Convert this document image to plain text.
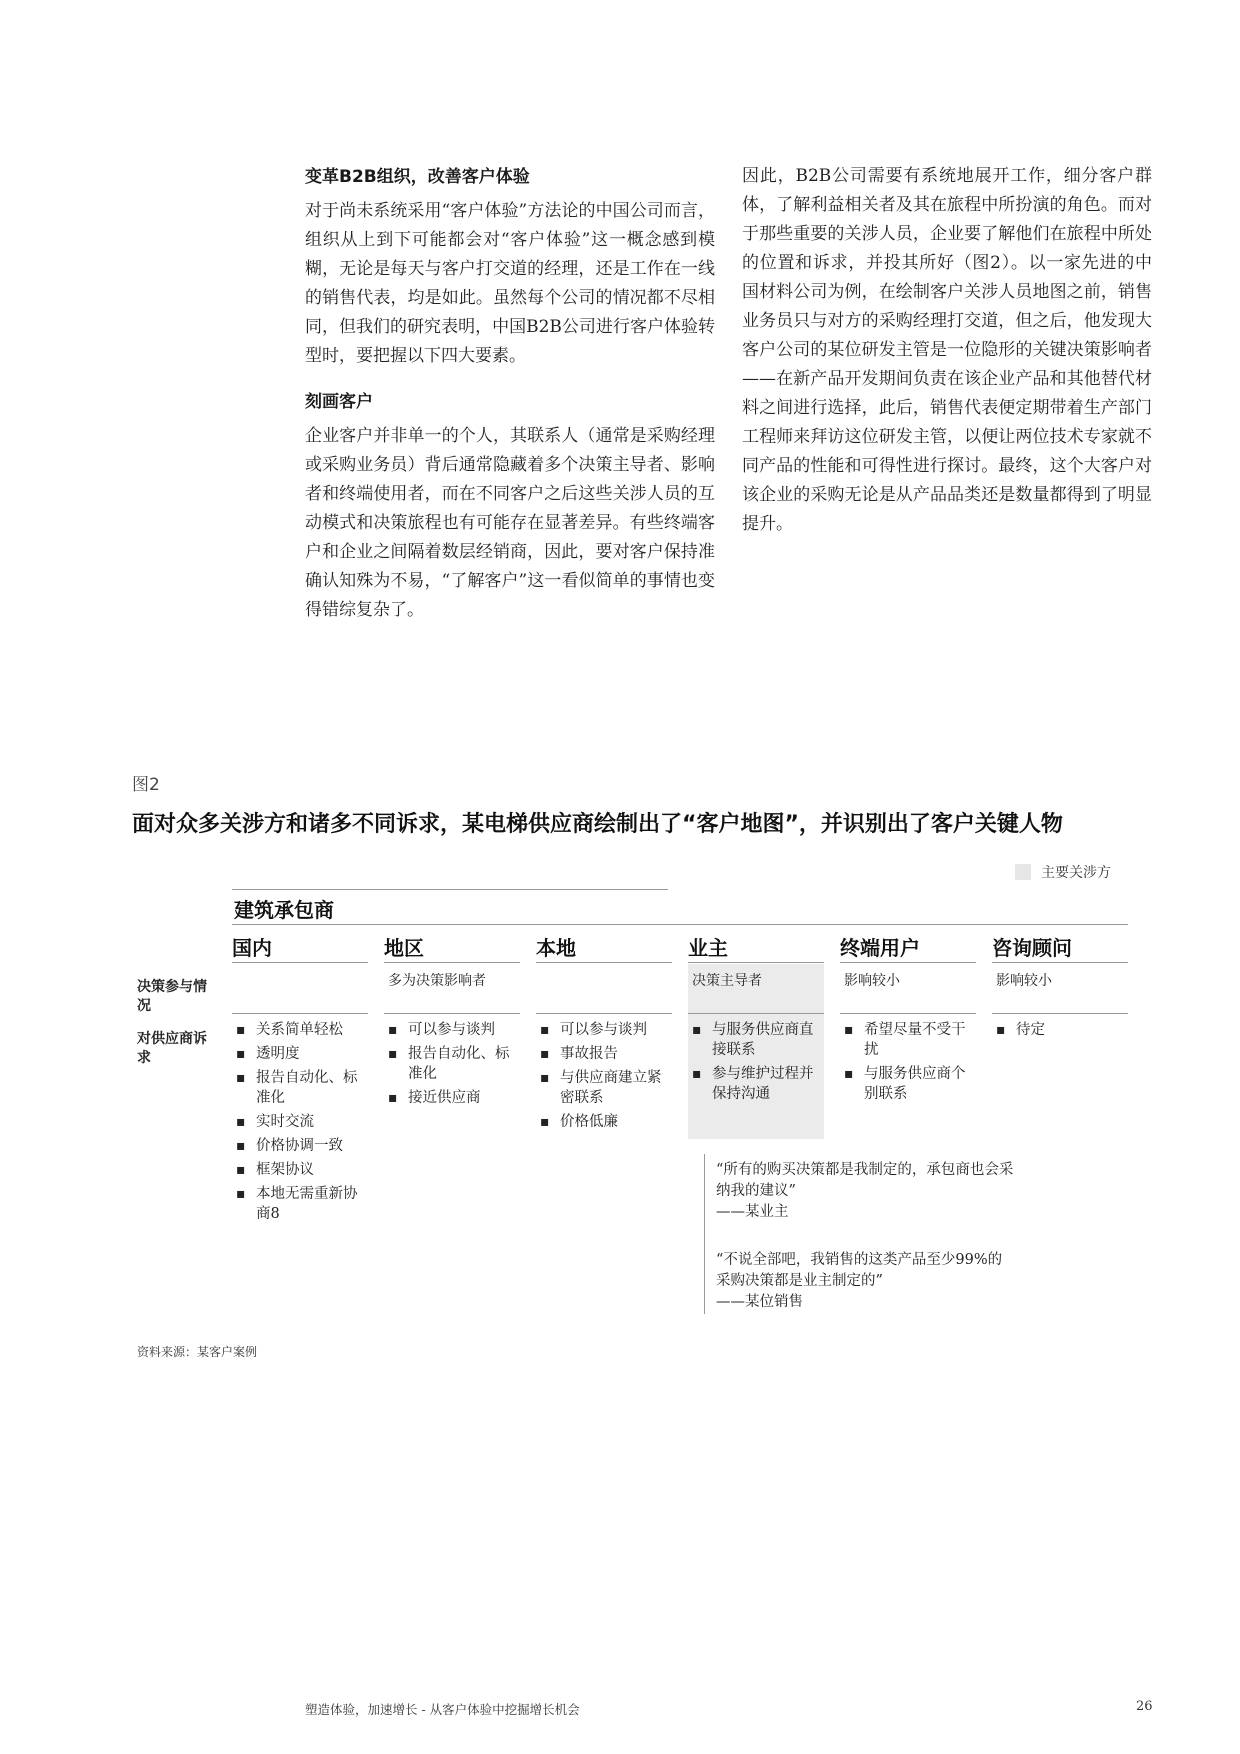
变革B2B组织，改善客户体验

对于尚未系统采用“客户体验”方法论的中国公司而言，组织从上到下可能都会对“客户体验”这一概念感到模糊，无论是每天与客户打交道的经理，还是工作在一线的销售代表，均是如此。虽然每个公司的情况都不尽相同，但我们的研究表明，中国B2B公司进行客户体验转型时，要把握以下四大要素。

刻画客户

企业客户并非单一的个人，其联系人（通常是采购经理或采购业务员）背后通常隐藏着多个决策主导者、影响者和终端使用者，而在不同客户之后这些关涉人员的互动模式和决策旅程也有可能存在显著差异。有些终端客户和企业之间隔着数层经销商，因此，要对客户保持准确认知殊为不易，“了解客户”这一看似简单的事情也变得错综复杂了。

因此，B2B公司需要有系统地展开工作，细分客户群体，了解利益相关者及其在旅程中所扮演的角色。而对于那些重要的关涉人员，企业要了解他们在旅程中所处的位置和诉求，并投其所好（图2）。以一家先进的中国材料公司为例，在绘制客户关涉人员地图之前，销售业务员只与对方的采购经理打交道，但之后，他发现大客户公司的某位研发主管是一位隐形的关键决策影响者——在新产品开发期间负责在该企业产品和其他替代材料之间进行选择，此后，销售代表便定期带着生产部门工程师来拜访这位研发主管，以便让两位技术专家就不同产品的性能和可得性进行探讨。最终，这个大客户对该企业的采购无论是从产品品类还是数量都得到了明显提升。

图2
面对众多关涉方和诸多不同诉求，某电梯供应商绘制出了“客户地图”，并识别出了客户关键人物
主要关涉方
建筑承包商
决策参与情况
对供应商诉求
国内
▪ 关系简单轻松
▪ 透明度
▪ 报告自动化、标准化
▪ 实时交流
▪ 价格协调一致
▪ 框架协议
▪ 本地无需重新协商8
地区
多为决策影响者
▪ 可以参与谈判
▪ 报告自动化、标准化
▪ 接近供应商
本地
▪ 可以参与谈判
▪ 事故报告
▪ 与供应商建立紧密联系
▪ 价格低廉
业主
决策主导者
▪ 与服务供应商直接联系
▪ 参与维护过程并保持沟通
终端用户
影响较小
▪ 希望尽量不受干扰
▪ 与服务供应商个别联系
咨询顾问
影响较小
▪ 待定
“所有的购买决策都是我制定的，承包商也会采纳我的建议”
——某业主
“不说全部吧，我销售的这类产品至少99%的采购决策都是业主制定的”
——某位销售
资料来源：某客户案例
塑造体验，加速增长 - 从客户体验中挖掘增长机会	26
